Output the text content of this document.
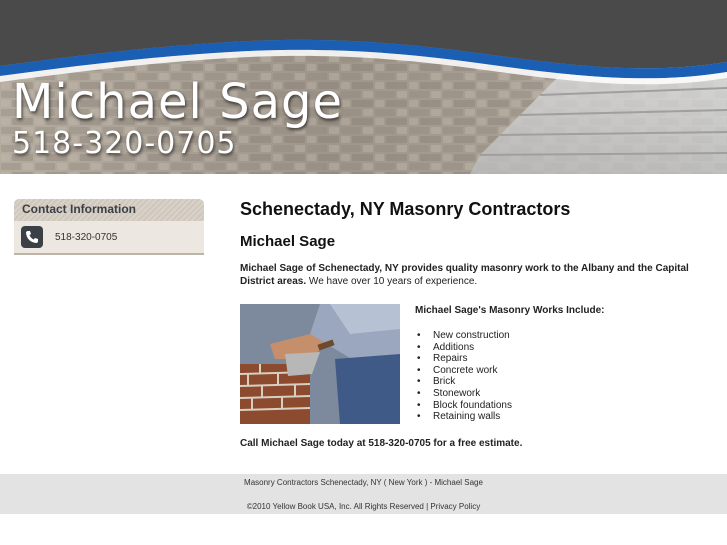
Michael Sage
518-320-0705
Contact Information
518-320-0705
Schenectady, NY Masonry Contractors
Michael Sage

Michael Sage of Schenectady, NY provides quality masonry work to the Albany and the Capital District areas. We have over 10 years of experience.

Michael Sage's Masonry Works Include:
• New construction
• Additions
• Repairs
• Concrete work
• Brick
• Stonework
• Block foundations
• Retaining walls

Call Michael Sage today at 518-320-0705 for a free estimate.

Masonry Contractors Schenectady, NY ( New York ) - Michael Sage
©2010 Yellow Book USA, Inc. All Rights Reserved | Privacy Policy
